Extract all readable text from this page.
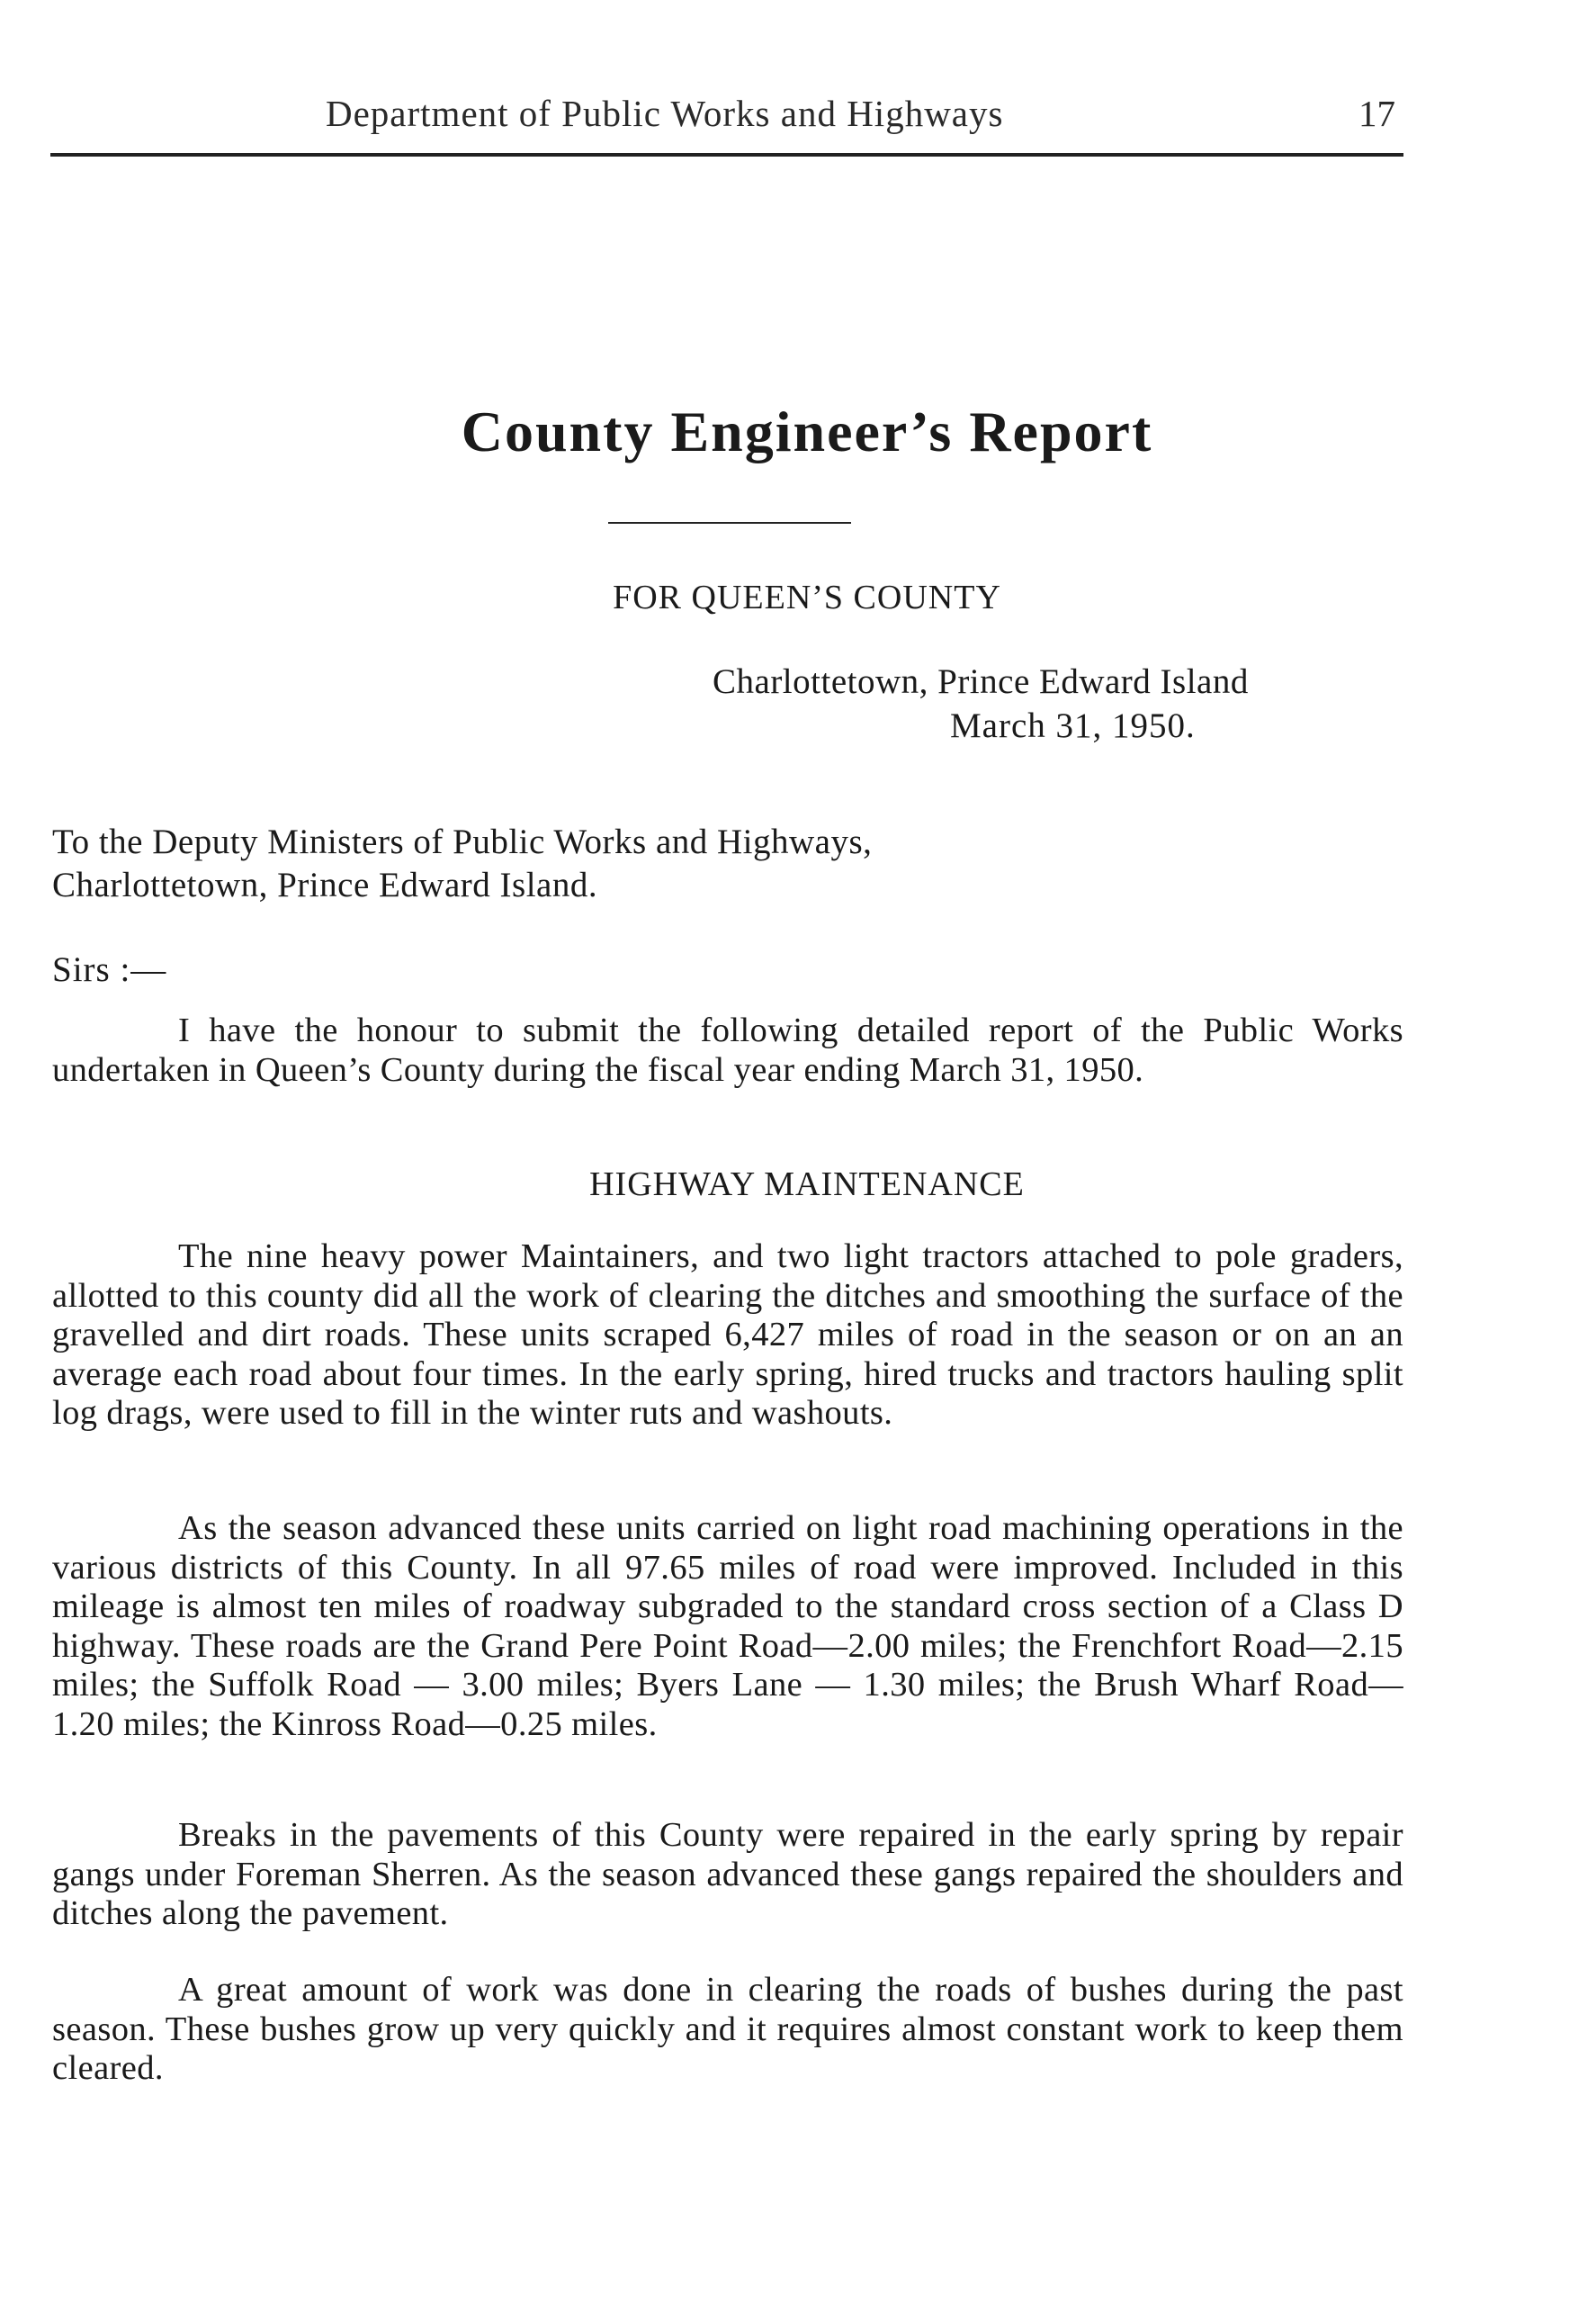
Department of Public Works and Highways	17
County Engineer’s Report
FOR QUEEN’S COUNTY
Charlottetown, Prince Edward Island
March 31, 1950.
To the Deputy Ministers of Public Works and Highways,
Charlottetown, Prince Edward Island.
Sirs :—

I have the honour to submit the following detailed report of the Public Works undertaken in Queen’s County during the fiscal year ending March 31, 1950.

HIGHWAY MAINTENANCE

The nine heavy power Maintainers, and two light tractors attached to pole graders, allotted to this county did all the work of clearing the ditches and smoothing the surface of the gravelled and dirt roads. These units scraped 6,427 miles of road in the season or on an an average each road about four times. In the early spring, hired trucks and tractors hauling split log drags, were used to fill in the winter ruts and washouts.

As the season advanced these units carried on light road machining operations in the various districts of this County. In all 97.65 miles of road were improved. Included in this mileage is almost ten miles of roadway subgraded to the standard cross section of a Class D highway. These roads are the Grand Pere Point Road—2.00 miles; the Frenchfort Road—2.15 miles; the Suffolk Road — 3.00 miles; Byers Lane — 1.30 miles; the Brush Wharf Road—1.20 miles; the Kinross Road—0.25 miles.

Breaks in the pavements of this County were repaired in the early spring by repair gangs under Foreman Sherren. As the season advanced these gangs repaired the shoulders and ditches along the pavement.

A great amount of work was done in clearing the roads of bushes during the past season. These bushes grow up very quickly and it requires almost constant work to keep them cleared.
